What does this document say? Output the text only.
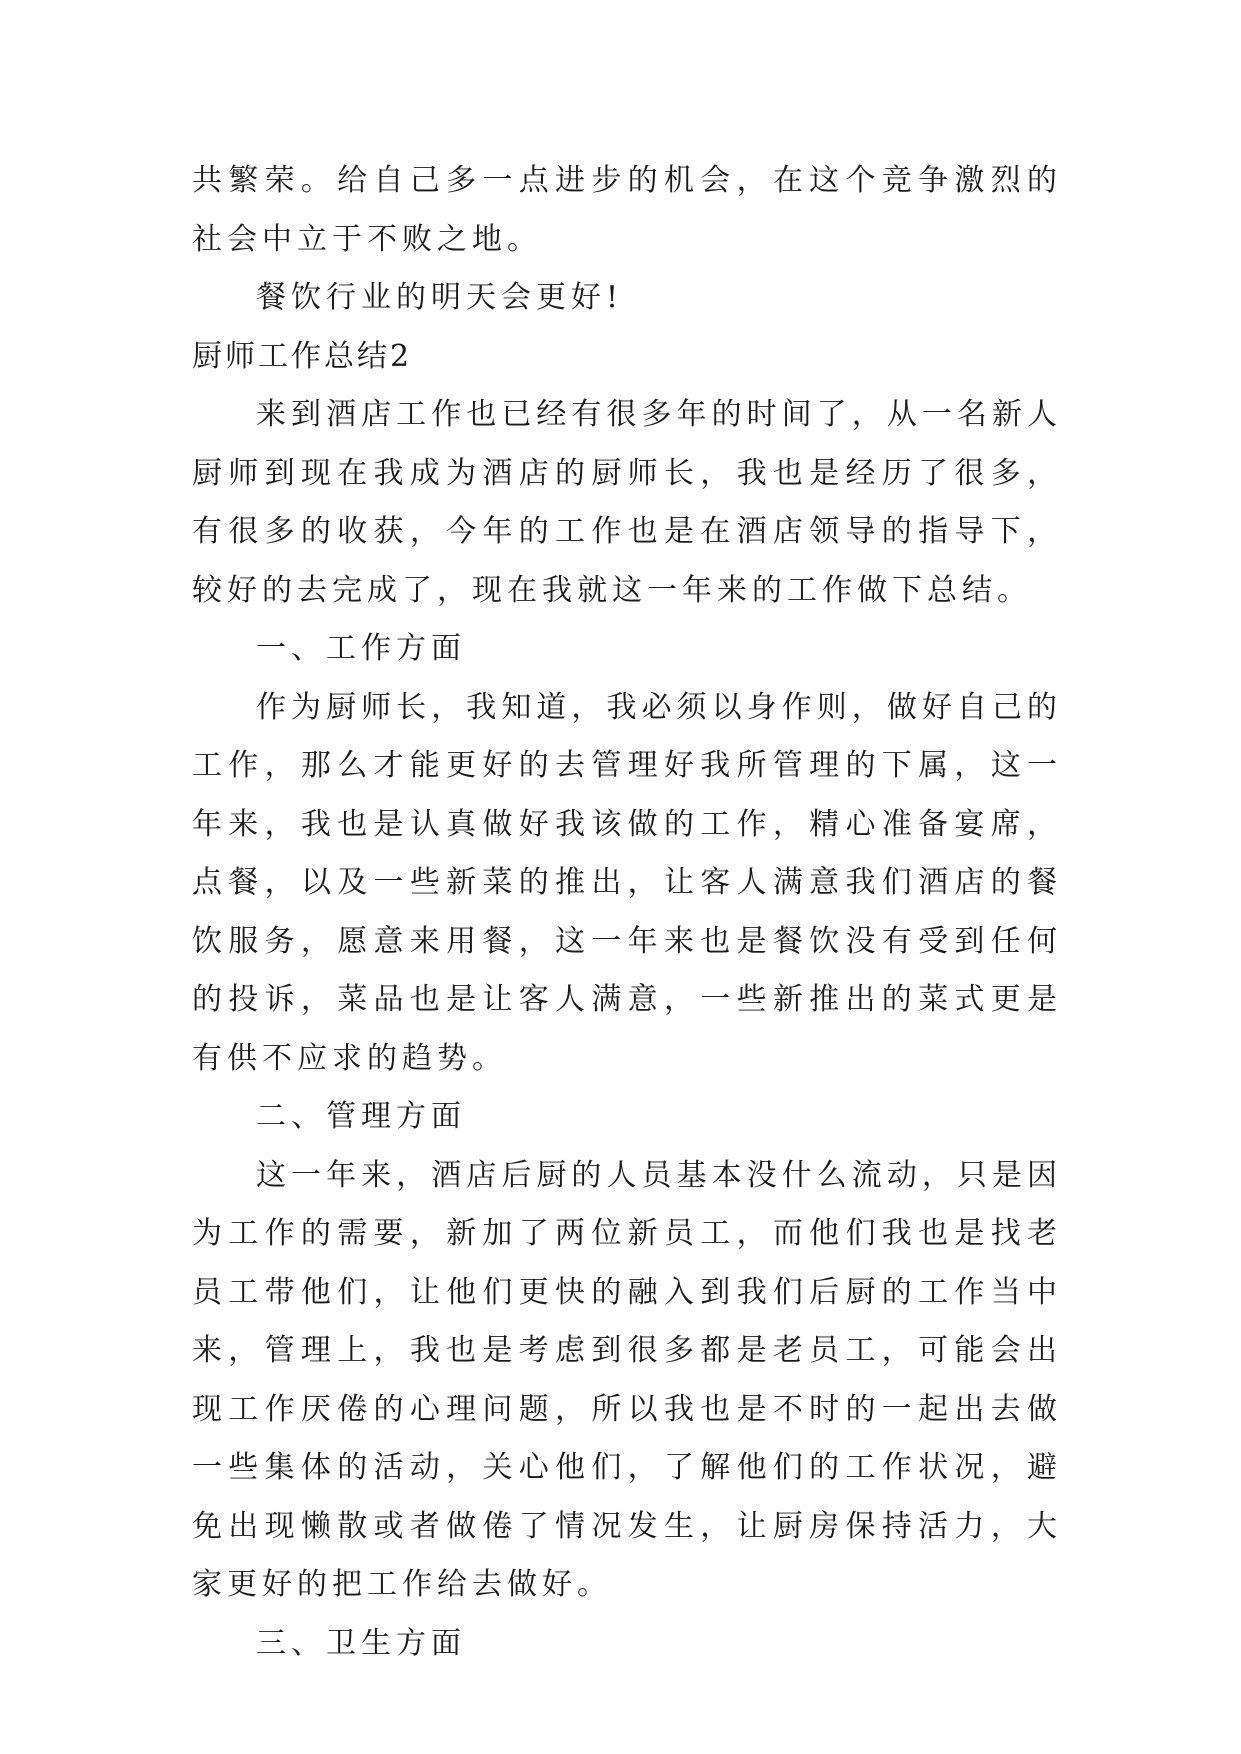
共繁荣。给自己多一点进步的机会，在这个竞争激烈的社会中立于不败之地。

餐饮行业的明天会更好!

厨师工作总结2

来到酒店工作也已经有很多年的时间了，从一名新人厨师到现在我成为酒店的厨师长，我也是经历了很多，有很多的收获，今年的工作也是在酒店领导的指导下，较好的去完成了，现在我就这一年来的工作做下总结。

一、工作方面

作为厨师长，我知道，我必须以身作则，做好自己的工作，那么才能更好的去管理好我所管理的下属，这一年来，我也是认真做好我该做的工作，精心准备宴席，点餐，以及一些新菜的推出，让客人满意我们酒店的餐饮服务，愿意来用餐，这一年来也是餐饮没有受到任何的投诉，菜品也是让客人满意，一些新推出的菜式更是有供不应求的趋势。

二、管理方面

这一年来，酒店后厨的人员基本没什么流动，只是因为工作的需要，新加了两位新员工，而他们我也是找老员工带他们，让他们更快的融入到我们后厨的工作当中来，管理上，我也是考虑到很多都是老员工，可能会出现工作厌倦的心理问题，所以我也是不时的一起出去做一些集体的活动，关心他们，了解他们的工作状况，避免出现懒散或者做倦了情况发生，让厨房保持活力，大家更好的把工作给去做好。

三、卫生方面
